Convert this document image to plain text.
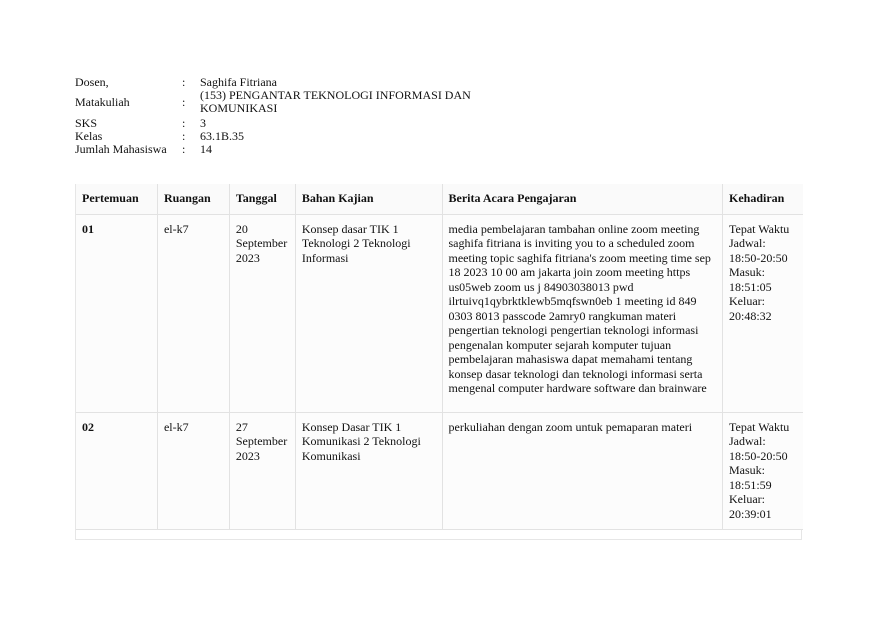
Dosen,	:	Saghifa Fitriana
Matakuliah	:	(153) PENGANTAR TEKNOLOGI INFORMASI DAN KOMUNIKASI
SKS	:	3
Kelas	:	63.1B.35
Jumlah Mahasiswa	:	14
Pertemuan	Ruangan	Tanggal	Bahan Kajian	Berita Acara Pengajaran	Kehadiran
01	el-k7	20 September 2023	Konsep dasar TIK 1 Teknologi 2 Teknologi Informasi	media pembelajaran tambahan online zoom meeting saghifa fitriana is inviting you to a scheduled zoom meeting topic saghifa fitriana's zoom meeting time sep 18 2023 10 00 am jakarta join zoom meeting https us05web zoom us j 84903038013 pwd ilrtuivq1qybrktklewb5mqfswn0eb 1 meeting id 849 0303 8013 passcode 2amry0 rangkuman materi pengertian teknologi pengertian teknologi informasi pengenalan komputer sejarah komputer tujuan pembelajaran mahasiswa dapat memahami tentang konsep dasar teknologi dan teknologi informasi serta mengenal computer hardware software dan brainware	Tepat Waktu Jadwal: 18:50-20:50 Masuk: 18:51:05 Keluar: 20:48:32
02	el-k7	27 September 2023	Konsep Dasar TIK 1 Komunikasi 2 Teknologi Komunikasi	perkuliahan dengan zoom untuk pemaparan materi	Tepat Waktu Jadwal: 18:50-20:50 Masuk: 18:51:59 Keluar: 20:39:01
